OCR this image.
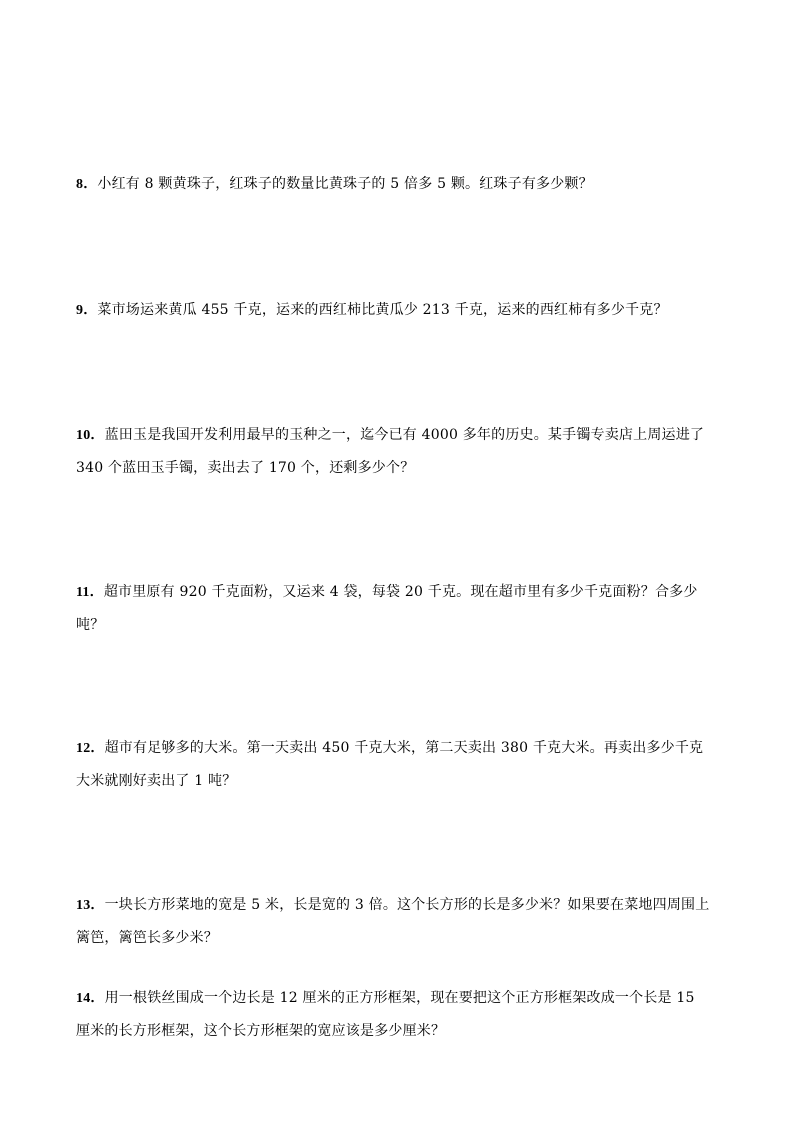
8．小红有 8 颗黄珠子，红珠子的数量比黄珠子的 5 倍多 5 颗。红珠子有多少颗？

9．菜市场运来黄瓜 455 千克，运来的西红柿比黄瓜少 213 千克，运来的西红柿有多少千克？

10．蓝田玉是我国开发利用最早的玉种之一，迄今已有 4000 多年的历史。某手镯专卖店上周运进了 340 个蓝田玉手镯，卖出去了 170 个，还剩多少个？

11．超市里原有 920 千克面粉，又运来 4 袋，每袋 20 千克。现在超市里有多少千克面粉？合多少吨？

12．超市有足够多的大米。第一天卖出 450 千克大米，第二天卖出 380 千克大米。再卖出多少千克大米就刚好卖出了 1 吨？

13．一块长方形菜地的宽是 5 米，长是宽的 3 倍。这个长方形的长是多少米？如果要在菜地四周围上篱笆，篱笆长多少米？

14．用一根铁丝围成一个边长是 12 厘米的正方形框架，现在要把这个正方形框架改成一个长是 15 厘米的长方形框架，这个长方形框架的宽应该是多少厘米？
